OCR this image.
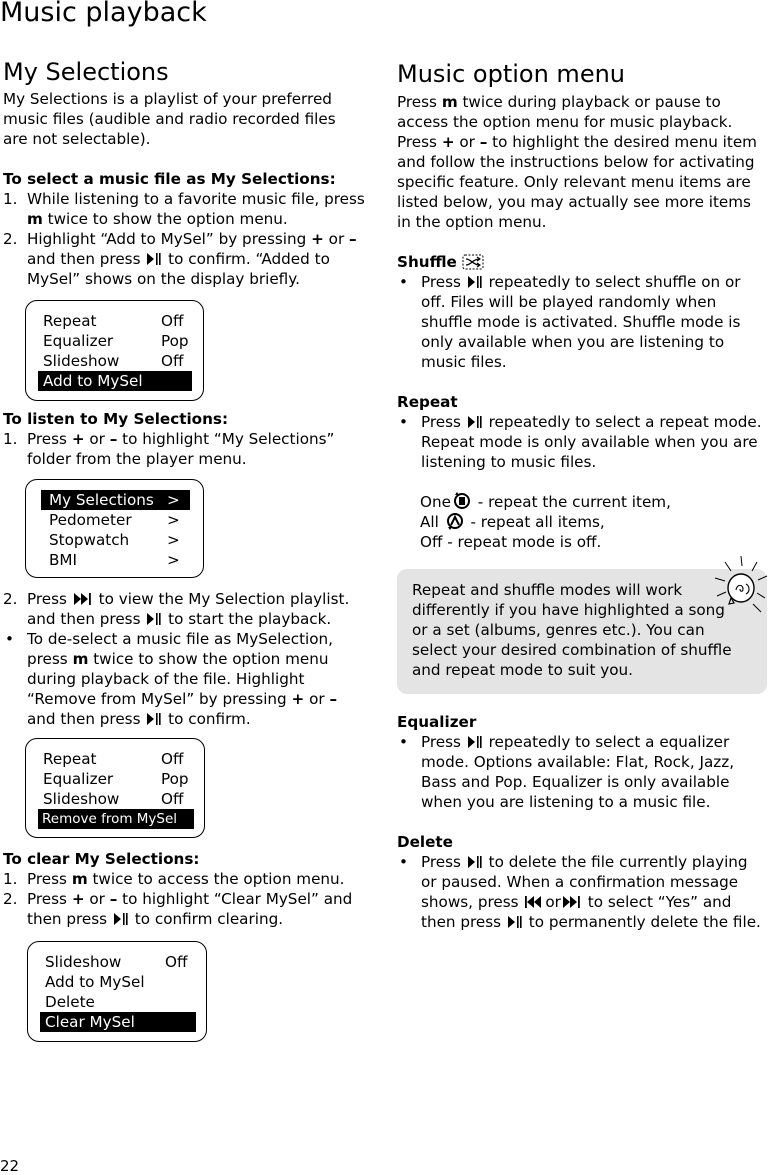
Music playback
My Selections
My Selections is a playlist of your preferred music files (audible and radio recorded files are not selectable).
To select a music file as My Selections:
1. While listening to a favorite music file, press m twice to show the option menu.
2. Highlight “Add to MySel” by pressing + or – and then press  to confirm. “Added to MySel” shows on the display briefly.
Repeat	Off
Equalizer	Pop
Slideshow	Off
Add to MySel
To listen to My Selections:
1. Press + or – to highlight “My Selections” folder from the player menu.
My Selections >
Pedometer >
Stopwatch >
BMI	>
2. Press  to view the My Selection playlist. and then press  to start the playback.
• To de-select a music file as MySelection, press m twice to show the option menu during playback of the file. Highlight “Remove from MySel” by pressing + or – and then press  to confirm.
Repeat	Off
Equalizer	Pop
Slideshow	Off
Remove from MySel
To clear My Selections:
1. Press m twice to access the option menu.
2. Press + or – to highlight “Clear MySel” and then press  to confirm clearing.
Slideshow	Off
Add to MySel
Delete
Clear MySel
Music option menu
Press m twice during playback or pause to access the option menu for music playback. Press + or – to highlight the desired menu item and follow the instructions below for activating specific feature. Only relevant menu items are listed below, you may actually see more items in the option menu.
Shuffle
• Press  repeatedly to select shuffle on or off. Files will be played randomly when shuffle mode is activated. Shuffle mode is only available when you are listening to music files.
Repeat
• Press  repeatedly to select a repeat mode. Repeat mode is only available when you are listening to music files.
One - repeat the current item,
All  - repeat all items,
Off - repeat mode is off.
Repeat and shuffle modes will work differently if you have highlighted a song or a set (albums, genres etc.). You can select your desired combination of shuffle and repeat mode to suit you.
Equalizer
• Press  repeatedly to select a equalizer mode. Options available: Flat, Rock, Jazz, Bass and Pop. Equalizer is only available when you are listening to a music file.
Delete
• Press  to delete the file currently playing or paused. When a confirmation message shows, press or to select “Yes” and then press  to permanently delete the file.
22
